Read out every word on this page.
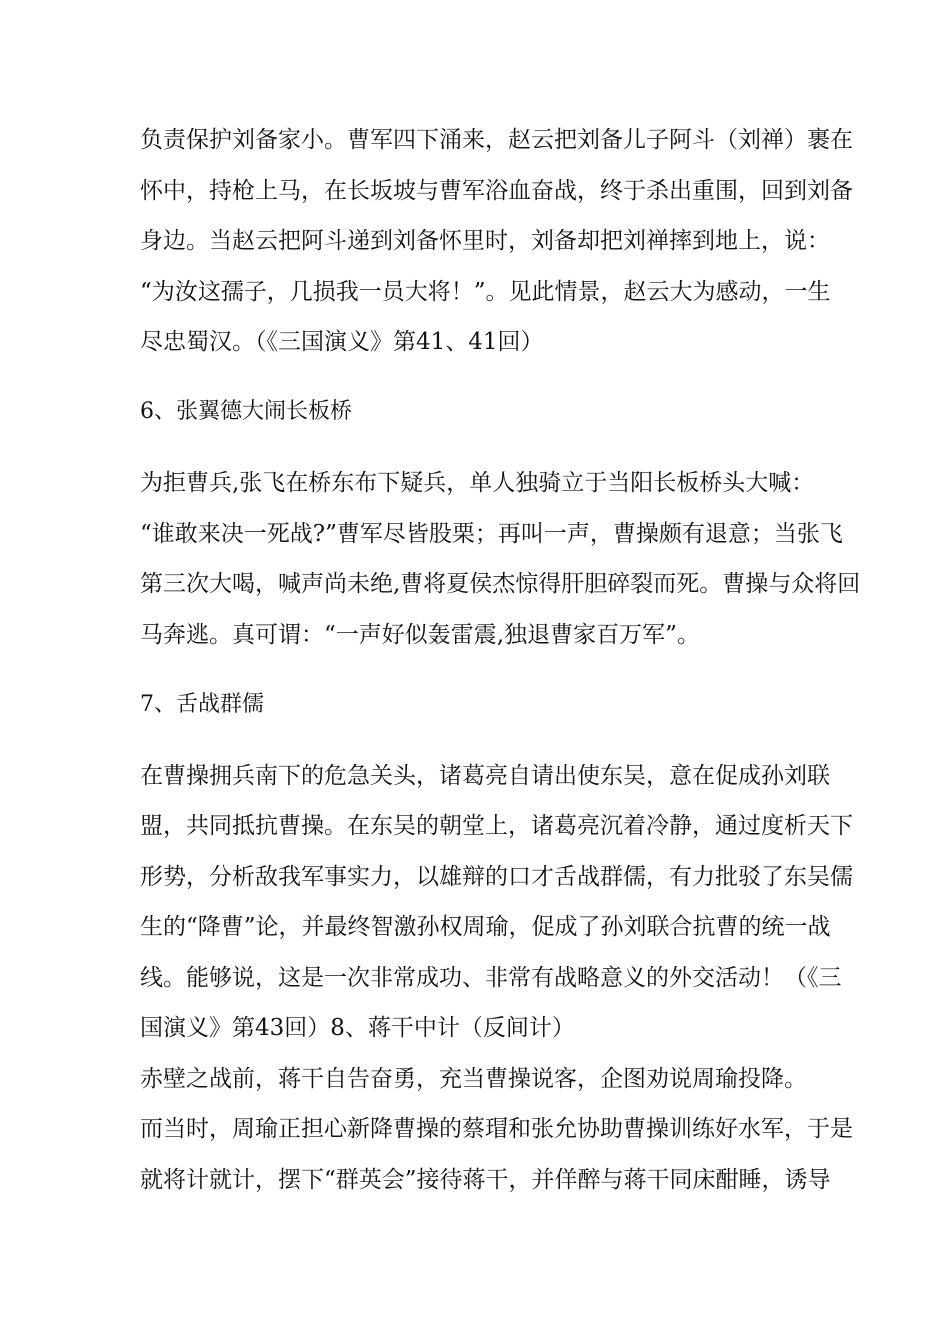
负责保护刘备家小。曹军四下涌来，赵云把刘备儿子阿斗（刘禅）裹在
怀中，持枪上马，在长坂坡与曹军浴血奋战，终于杀出重围，回到刘备
身边。当赵云把阿斗递到刘备怀里时，刘备却把刘禅摔到地上，说：
“为汝这孺子，几损我一员大将！”。见此情景，赵云大为感动，一生
尽忠蜀汉。（《三国演义》第41、41回）
6、张翼德大闹长板桥
为拒曹兵,张飞在桥东布下疑兵，单人独骑立于当阳长板桥头大喊：
“谁敢来决一死战?”曹军尽皆股栗；再叫一声，曹操颇有退意；当张飞
第三次大喝，喊声尚未绝,曹将夏侯杰惊得肝胆碎裂而死。曹操与众将回
马奔逃。真可谓：“一声好似轰雷震,独退曹家百万军”。
7、舌战群儒
在曹操拥兵南下的危急关头，诸葛亮自请出使东吴，意在促成孙刘联
盟，共同抵抗曹操。在东吴的朝堂上，诸葛亮沉着冷静，通过度析天下
形势，分析敌我军事实力，以雄辩的口才舌战群儒，有力批驳了东吴儒
生的“降曹”论，并最终智激孙权周瑜，促成了孙刘联合抗曹的统一战
线。能够说，这是一次非常成功、非常有战略意义的外交活动！（《三
国演义》第43回）8、蒋干中计（反间计）
赤壁之战前，蒋干自告奋勇，充当曹操说客，企图劝说周瑜投降。
而当时，周瑜正担心新降曹操的蔡瑁和张允协助曹操训练好水军，于是
就将计就计，摆下“群英会”接待蒋干，并佯醉与蒋干同床酣睡，诱导
